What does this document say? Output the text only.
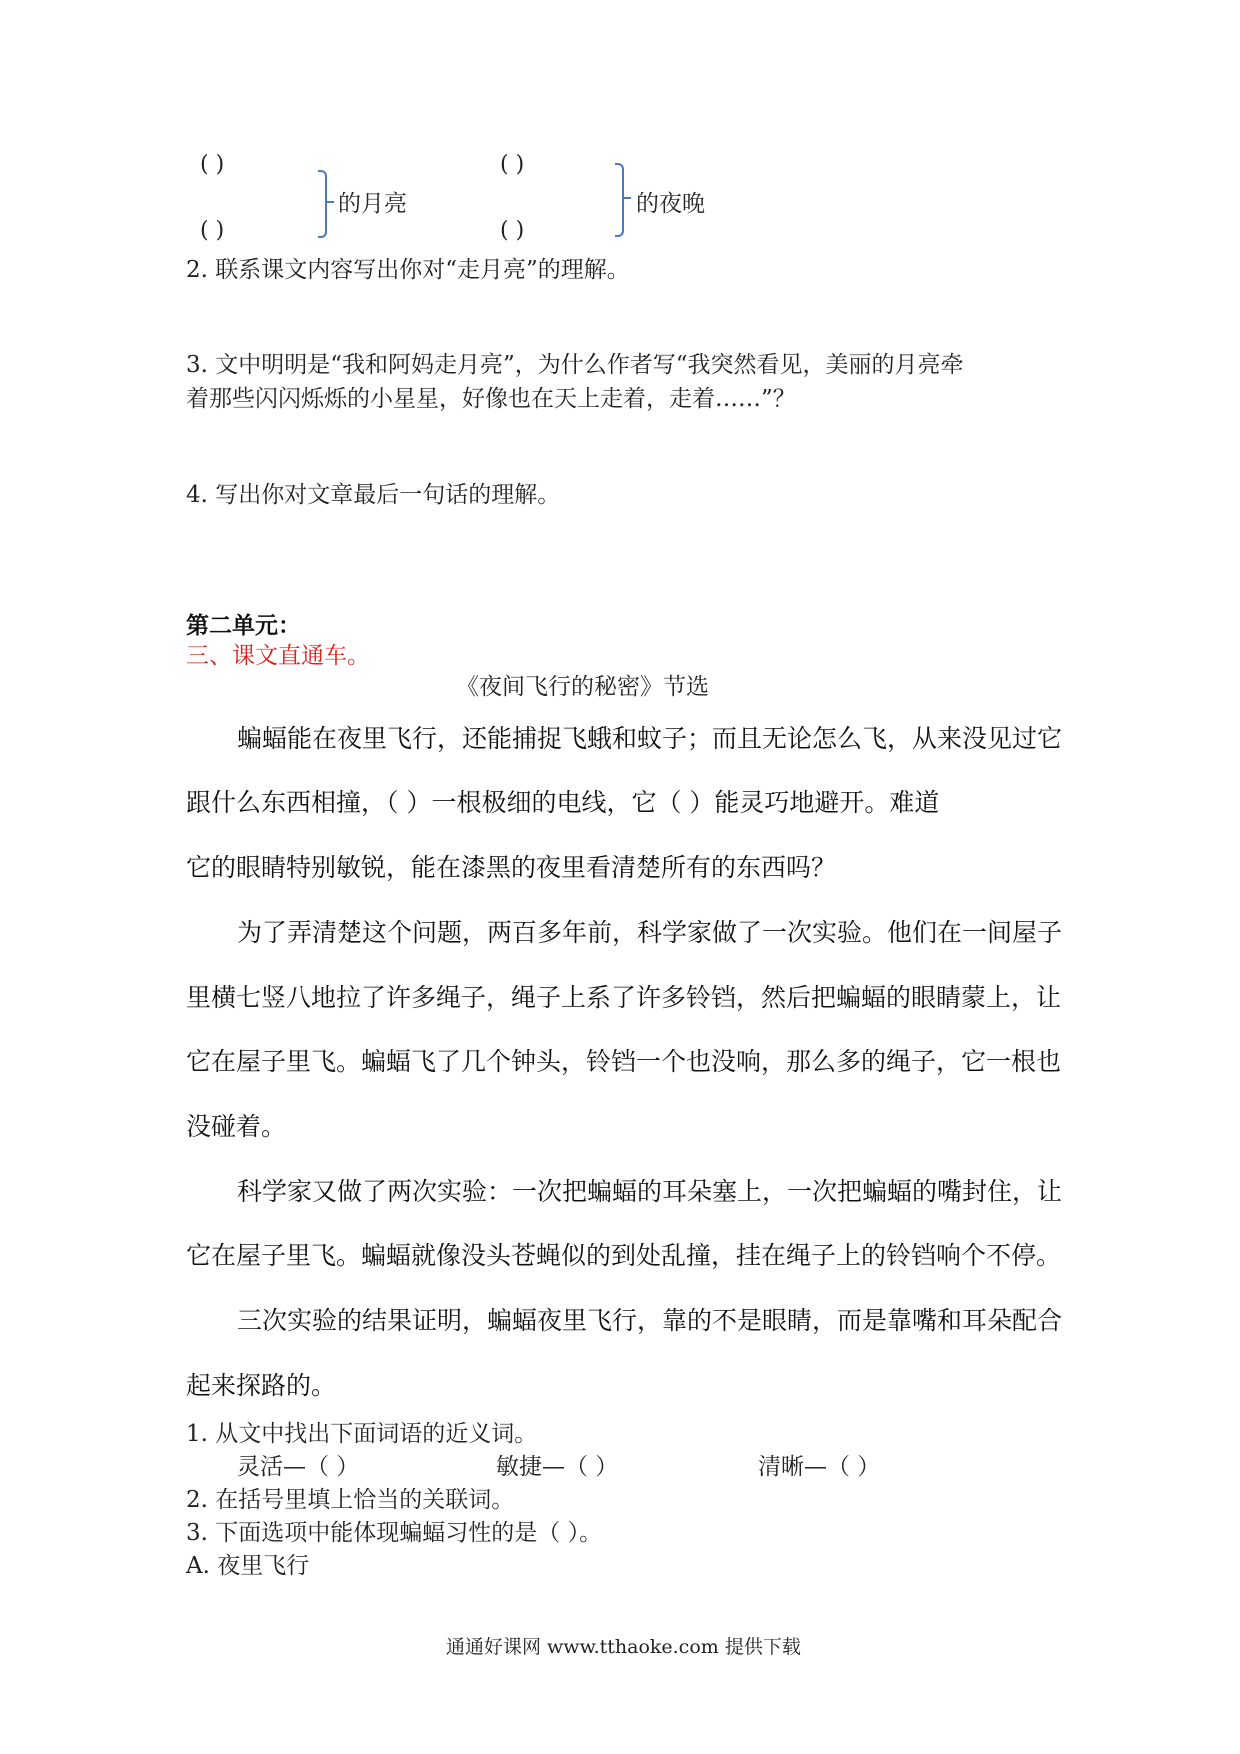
( )
( )
的月亮
( )
( )
的夜晚
2. 联系课文内容写出你对“走月亮”的理解。
3. 文中明明是“我和阿妈走月亮”，为什么作者写“我突然看见，美丽的月亮牵
着那些闪闪烁烁的小星星，好像也在天上走着，走着……”？
4. 写出你对文章最后一句话的理解。
第二单元：
三、课文直通车。
《夜间飞行的秘密》节选
蝙蝠能在夜里飞行，还能捕捉飞蛾和蚊子；而且无论怎么飞，从来没见过它
跟什么东西相撞，（ ）一根极细的电线，它（ ）能灵巧地避开。难道
它的眼睛特别敏锐，能在漆黑的夜里看清楚所有的东西吗？
为了弄清楚这个问题，两百多年前，科学家做了一次实验。他们在一间屋子
里横七竖八地拉了许多绳子，绳子上系了许多铃铛，然后把蝙蝠的眼睛蒙上，让
它在屋子里飞。蝙蝠飞了几个钟头，铃铛一个也没响，那么多的绳子，它一根也
没碰着。
科学家又做了两次实验：一次把蝙蝠的耳朵塞上，一次把蝙蝠的嘴封住，让
它在屋子里飞。蝙蝠就像没头苍蝇似的到处乱撞，挂在绳子上的铃铛响个不停。
三次实验的结果证明，蝙蝠夜里飞行，靠的不是眼睛，而是靠嘴和耳朵配合
起来探路的。
1. 从文中找出下面词语的近义词。
灵活—（ ）	敏捷—（ ）	清晰—（ ）
2. 在括号里填上恰当的关联词。
3. 下面选项中能体现蝙蝠习性的是（ ）。
A. 夜里飞行
通通好课网 www.tthaoke.com 提供下载
